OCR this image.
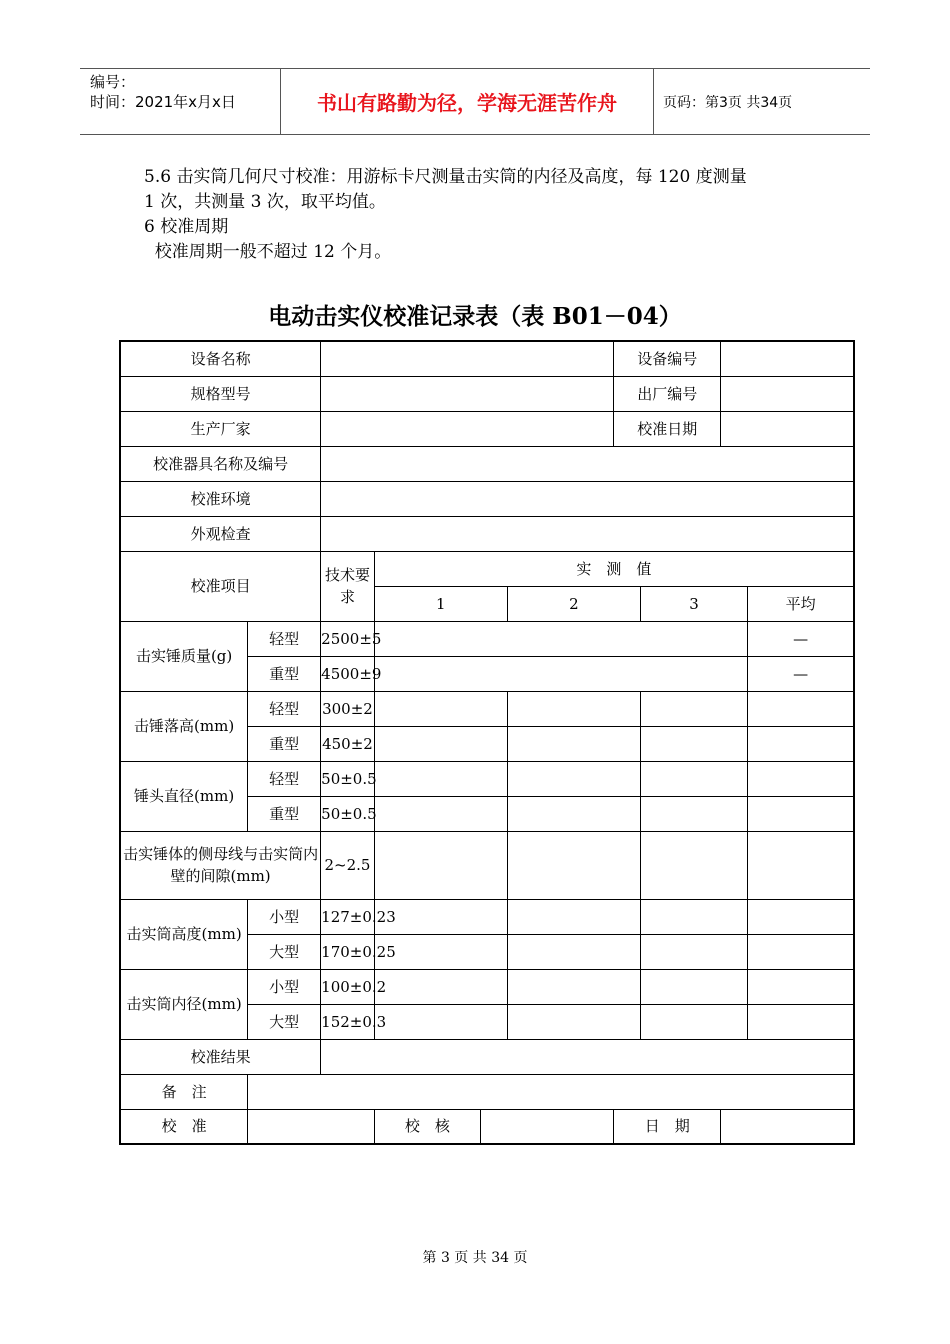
编号：
时间：2021年x月x日	书山有路勤为径，学海无涯苦作舟	页码：第3页 共34页
5.6 击实筒几何尺寸校准：用游标卡尺测量击实筒的内径及高度，每 120 度测量
1 次，共测量 3 次，取平均值。
6 校准周期
校准周期一般不超过 12 个月。
电动击实仪校准记录表（表 B01－04）
设备名称						设备编号			
规格型号						出厂编号			
生产厂家						校准日期			
校准器具名称及编号									
校准环境									
外观检查									
校准项目		技术要求	实　测　值						
			1		2		3		平均
击实锤质量(g)	轻型	2500±5							—
	重型	4500±9							—
击锤落高(mm)	轻型	300±2							
	重型	450±2							
锤头直径(mm)	轻型	50±0.5							
	重型	50±0.5							

击实锤体的侧母线与击实筒内
壁的间隙(mm)		2~2.5							
击实筒高度(mm)	小型	127±0.23							
	大型	170±0.25							
击实筒内径(mm)	小型	100±0.2							
	大型	152±0.3							
校准结果									
备　注									
校　准			校　核			日　期			
第 3 页 共 34 页
